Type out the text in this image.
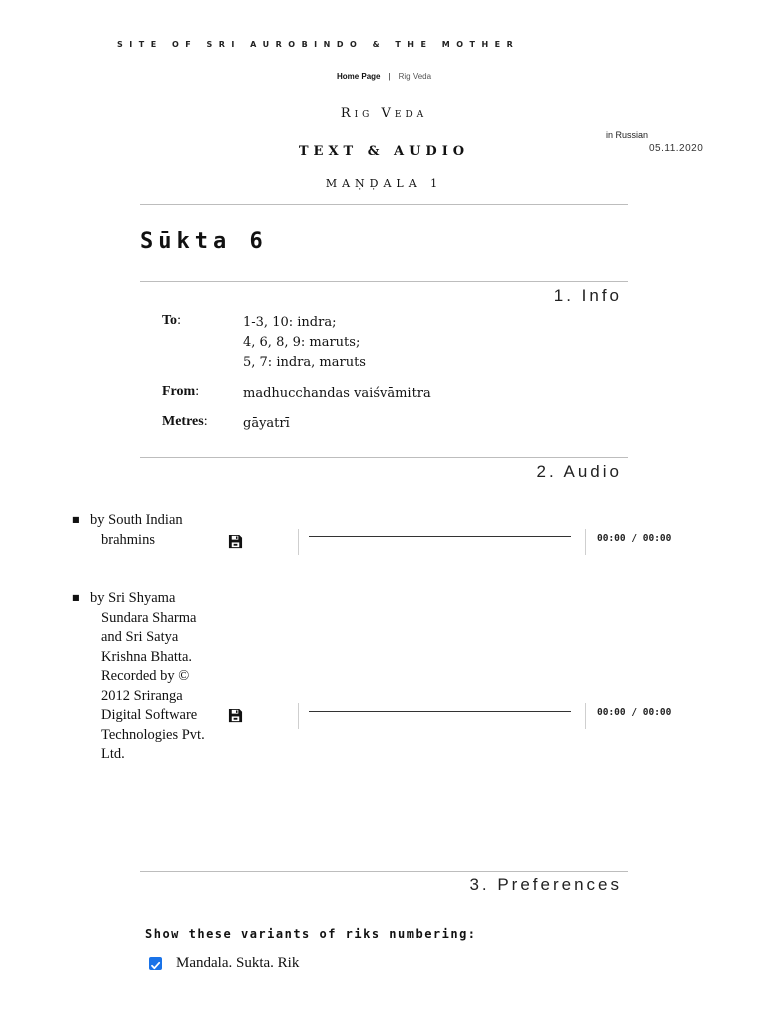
SITE OF SRI AUROBINDO & THE MOTHER
Home Page | Rig Veda
Rig Veda
TEXT & AUDIO
MAṆḌALA 1
in Russian
05.11.2020
Sūkta 6
1. Info
To:	1-3, 10: indra;
4, 6, 8, 9: maruts;
5, 7: indra, maruts
From:	madhucchandas vaiśvāmitra
Metres:	gāyatrī
2. Audio
■ by South Indian brahmins	00:00 / 00:00
■ by Sri Shyama Sundara Sharma and Sri Satya Krishna Bhatta. Recorded by © 2012 Sriranga Digital Software Technologies Pvt. Ltd.
00:00 / 00:00
3. Preferences
Show these variants of riks numbering:
Mandala. Sukta. Rik
